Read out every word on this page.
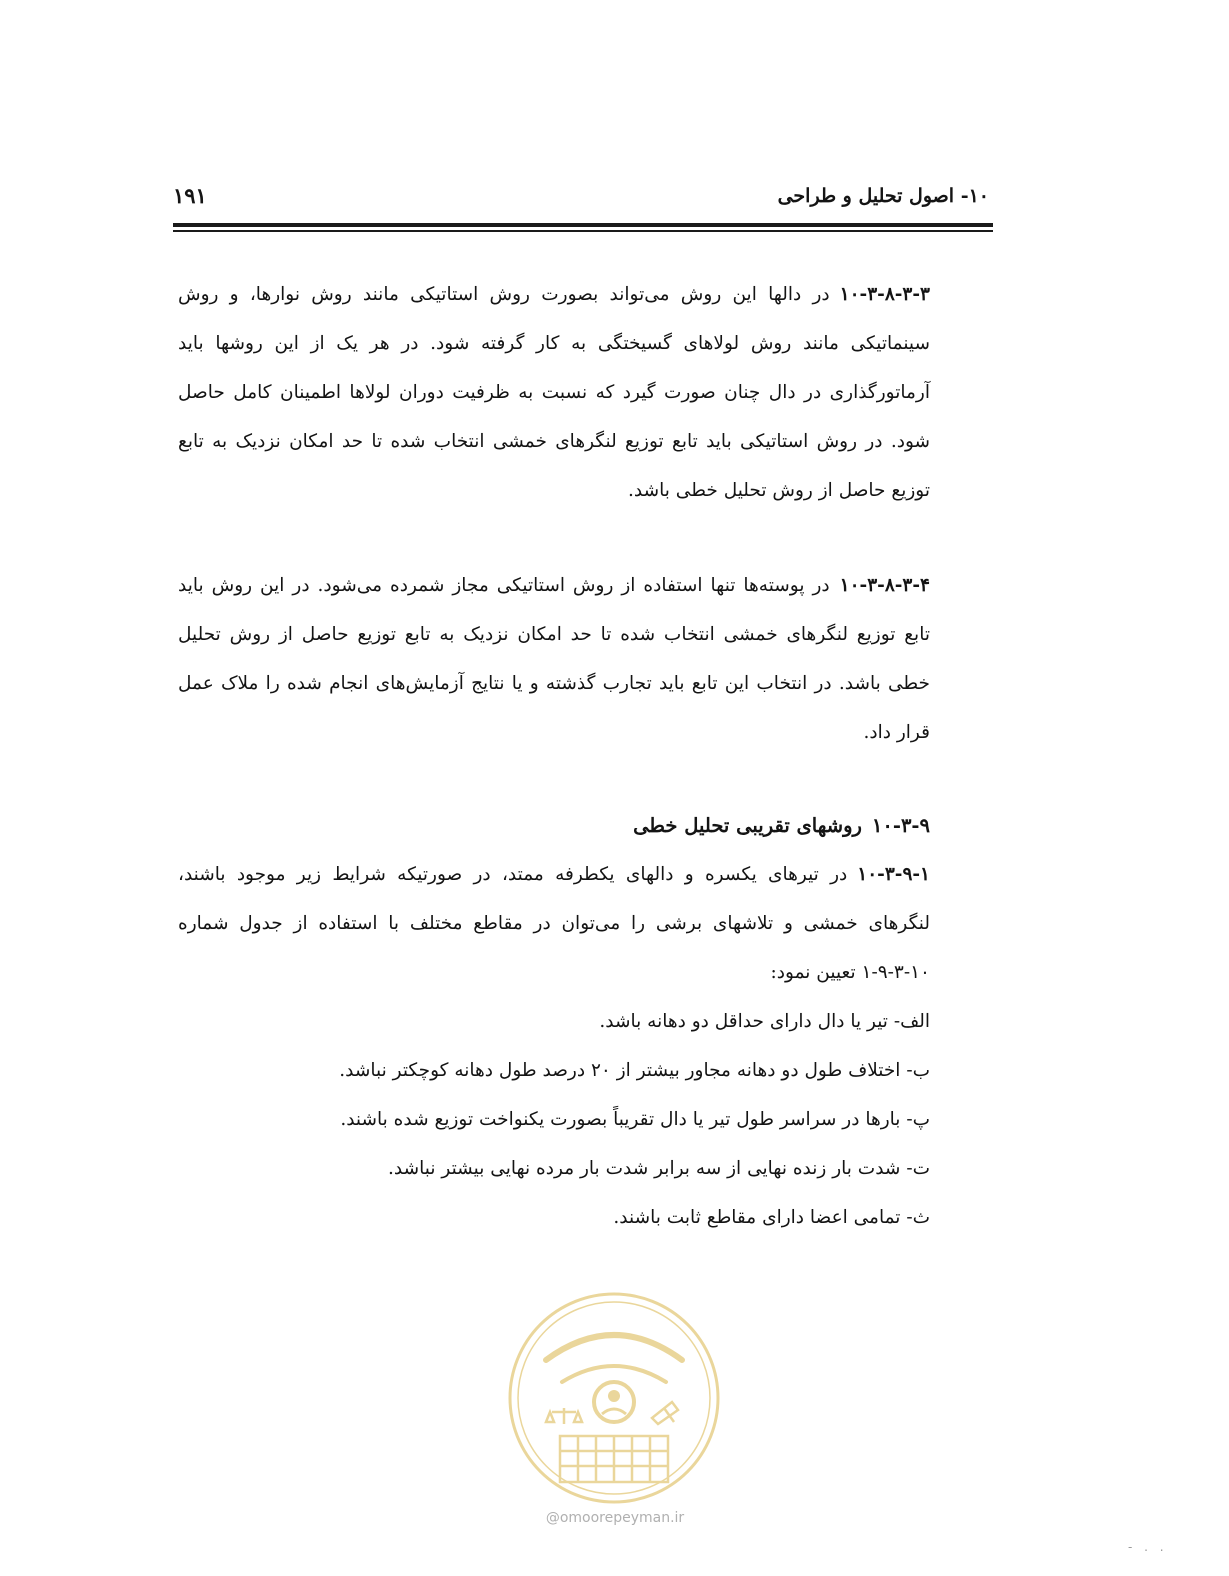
۱۰- اصول تحلیل و طراحی
۱۹۱

۱۰-۳-۸-۳-۳در دالها این روش می‌تواند بصورت روش استاتیکی مانند روش نوارها، و روش سینماتیکی مانند روش لولاهای گسیختگی به کار گرفته شود. در هر یک از این روشها باید آرماتورگذاری در دال چنان صورت گیرد که نسبت به ظرفیت دوران لولاها اطمینان کامل حاصل شود. در روش استاتیکی باید تابع توزیع لنگرهای خمشی انتخاب شده تا حد امکان نزدیک به تابع توزیع حاصل از روش تحلیل خطی باشد.

۱۰-۳-۸-۳-۴در پوسته‌ها تنها استفاده از روش استاتیکی مجاز شمرده می‌شود. در این روش باید تابع توزیع لنگرهای خمشی انتخاب شده تا حد امکان نزدیک به تابع توزیع حاصل از روش تحلیل خطی باشد. در انتخاب این تابع باید تجارب گذشته و یا نتایج آزمایش‌های انجام شده را ملاک عمل قرار داد.

۱۰-۳-۹روشهای تقریبی تحلیل خطی

۱۰-۳-۹-۱در تیرهای یکسره و دالهای یکطرفه ممتد، در صورتیکه شرایط زیر موجود باشند، لنگرهای خمشی و تلاشهای برشی را می‌توان در مقاطع مختلف با استفاده از جدول شماره ۱۰-۳-۹-۱ تعیین نمود:

الف- تیر یا دال دارای حداقل دو دهانه باشد.

ب- اختلاف طول دو دهانه مجاور بیشتر از ۲۰ درصد طول دهانه کوچکتر نباشد.

پ- بارها در سراسر طول تیر یا دال تقریباً بصورت یکنواخت توزیع شده باشند.

ت- شدت بار زنده نهایی از سه برابر شدت بار مرده نهایی بیشتر نباشد.

ث- تمامی اعضا دارای مقاطع ثابت باشند.

@omoorepeyman.ir
- . .
